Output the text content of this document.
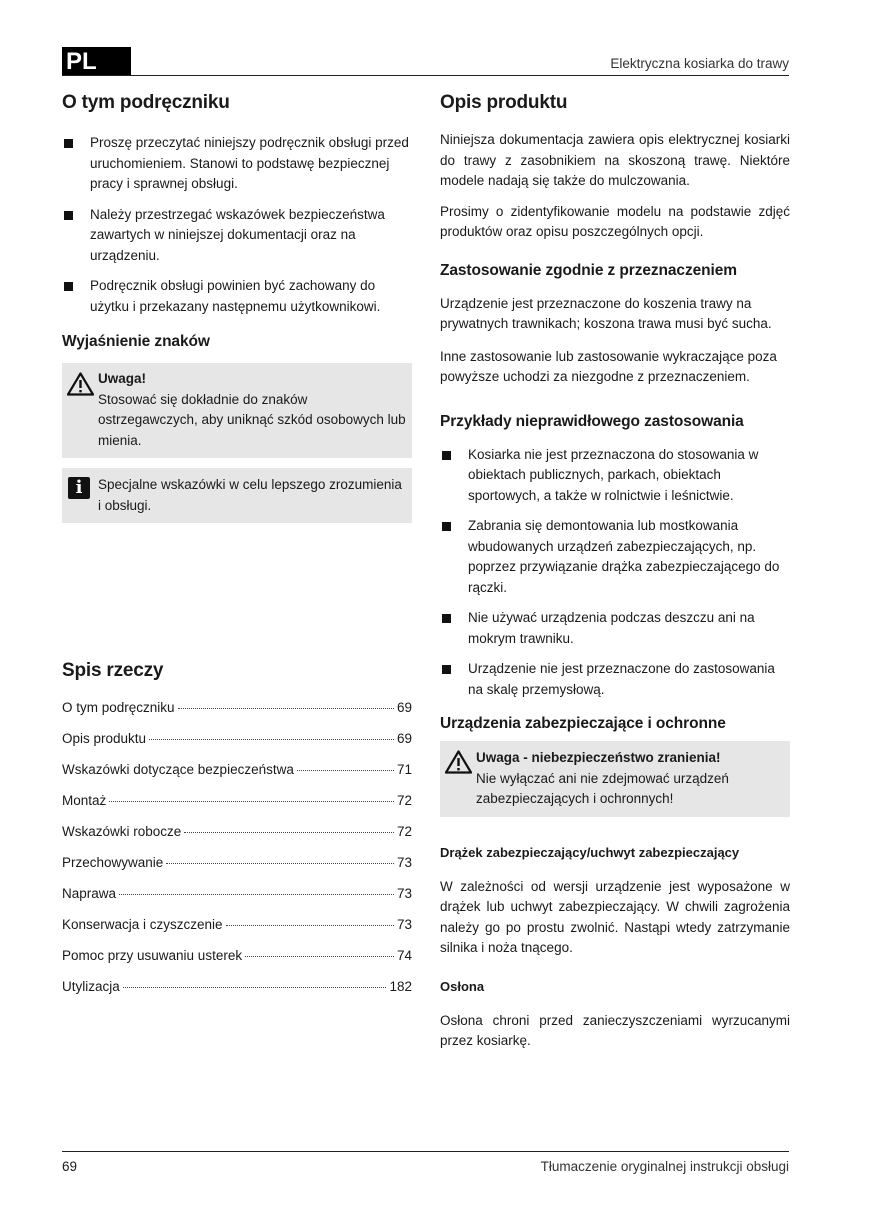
PL	Elektryczna kosiarka do trawy
O tym podręczniku
Proszę przeczytać niniejszy podręcznik obsługi przed uruchomieniem. Stanowi to podstawę bezpiecznej pracy i sprawnej obsługi.
Należy przestrzegać wskazówek bezpieczeństwa zawartych w niniejszej dokumentacji oraz na urządzeniu.
Podręcznik obsługi powinien być zachowany do użytku i przekazany następnemu użytkownikowi.
Wyjaśnienie znaków
Uwaga!
Stosować się dokładnie do znaków ostrzegawczych, aby uniknąć szkód osobowych lub mienia.
i	Specjalne wskazówki w celu lepszego zrozumienia i obsługi.
Spis rzeczy
O tym podręczniku	69
Opis produktu	69
Wskazówki dotyczące bezpieczeństwa	71
Montaż	72
Wskazówki robocze	72
Przechowywanie	73
Naprawa	73
Konserwacja i czyszczenie	73
Pomoc przy usuwaniu usterek	74
Utylizacja	182
Opis produktu

Niniejsza dokumentacja zawiera opis elektrycznej kosiarki do trawy z zasobnikiem na skoszoną trawę. Niektóre modele nadają się także do mulczowania.

Prosimy o zidentyfikowanie modelu na podstawie zdjęć produktów oraz opisu poszczególnych opcji.

Zastosowanie zgodnie z przeznaczeniem

Urządzenie jest przeznaczone do koszenia trawy na prywatnych trawnikach; koszona trawa musi być sucha.

Inne zastosowanie lub zastosowanie wykraczające poza powyższe uchodzi za niezgodne z przeznaczeniem.

Przykłady nieprawidłowego zastosowania
Kosiarka nie jest przeznaczona do stosowania w obiektach publicznych, parkach, obiektach sportowych, a także w rolnictwie i leśnictwie.
Zabrania się demontowania lub mostkowania wbudowanych urządzeń zabezpieczających, np. poprzez przywiązanie drążka zabezpieczającego do rączki.
Nie używać urządzenia podczas deszczu ani na mokrym trawniku.
Urządzenie nie jest przeznaczone do zastosowania na skalę przemysłową.
Urządzenia zabezpieczające i ochronne
Uwaga - niebezpieczeństwo zranienia!
Nie wyłączać ani nie zdejmować urządzeń zabezpieczających i ochronnych!
Drążek zabezpieczający/uchwyt zabezpieczający

W zależności od wersji urządzenie jest wyposażone w drążek lub uchwyt zabezpieczający. W chwili zagrożenia należy go po prostu zwolnić. Nastąpi wtedy zatrzymanie silnika i noża tnącego.

Osłona

Osłona chroni przed zanieczyszczeniami wyrzucanymi przez kosiarkę.

69	Tłumaczenie oryginalnej instrukcji obsługi
